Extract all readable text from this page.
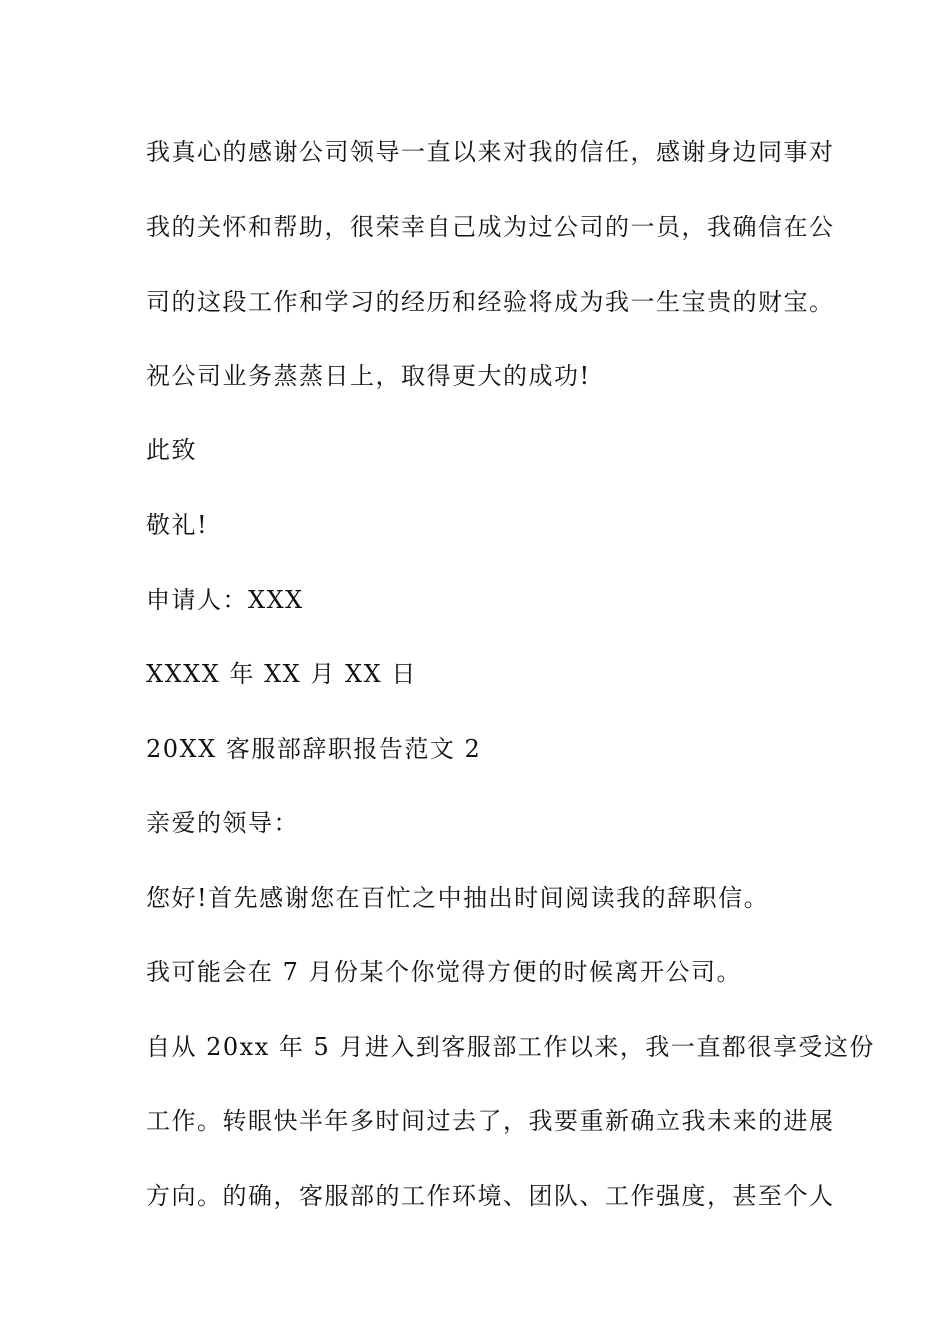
我真心的感谢公司领导一直以来对我的信任，感谢身边同事对
我的关怀和帮助，很荣幸自己成为过公司的一员，我确信在公
司的这段工作和学习的经历和经验将成为我一生宝贵的财宝。
祝公司业务蒸蒸日上，取得更大的成功!
此致
敬礼!
申请人：XXX
XXXX 年 XX 月 XX 日
20XX 客服部辞职报告范文 2
亲爱的领导：
您好!首先感谢您在百忙之中抽出时间阅读我的辞职信。
我可能会在 7 月份某个你觉得方便的时候离开公司。
自从 20xx 年 5 月进入到客服部工作以来，我一直都很享受这份
工作。转眼快半年多时间过去了，我要重新确立我未来的进展
方向。的确，客服部的工作环境、团队、工作强度，甚至个人
